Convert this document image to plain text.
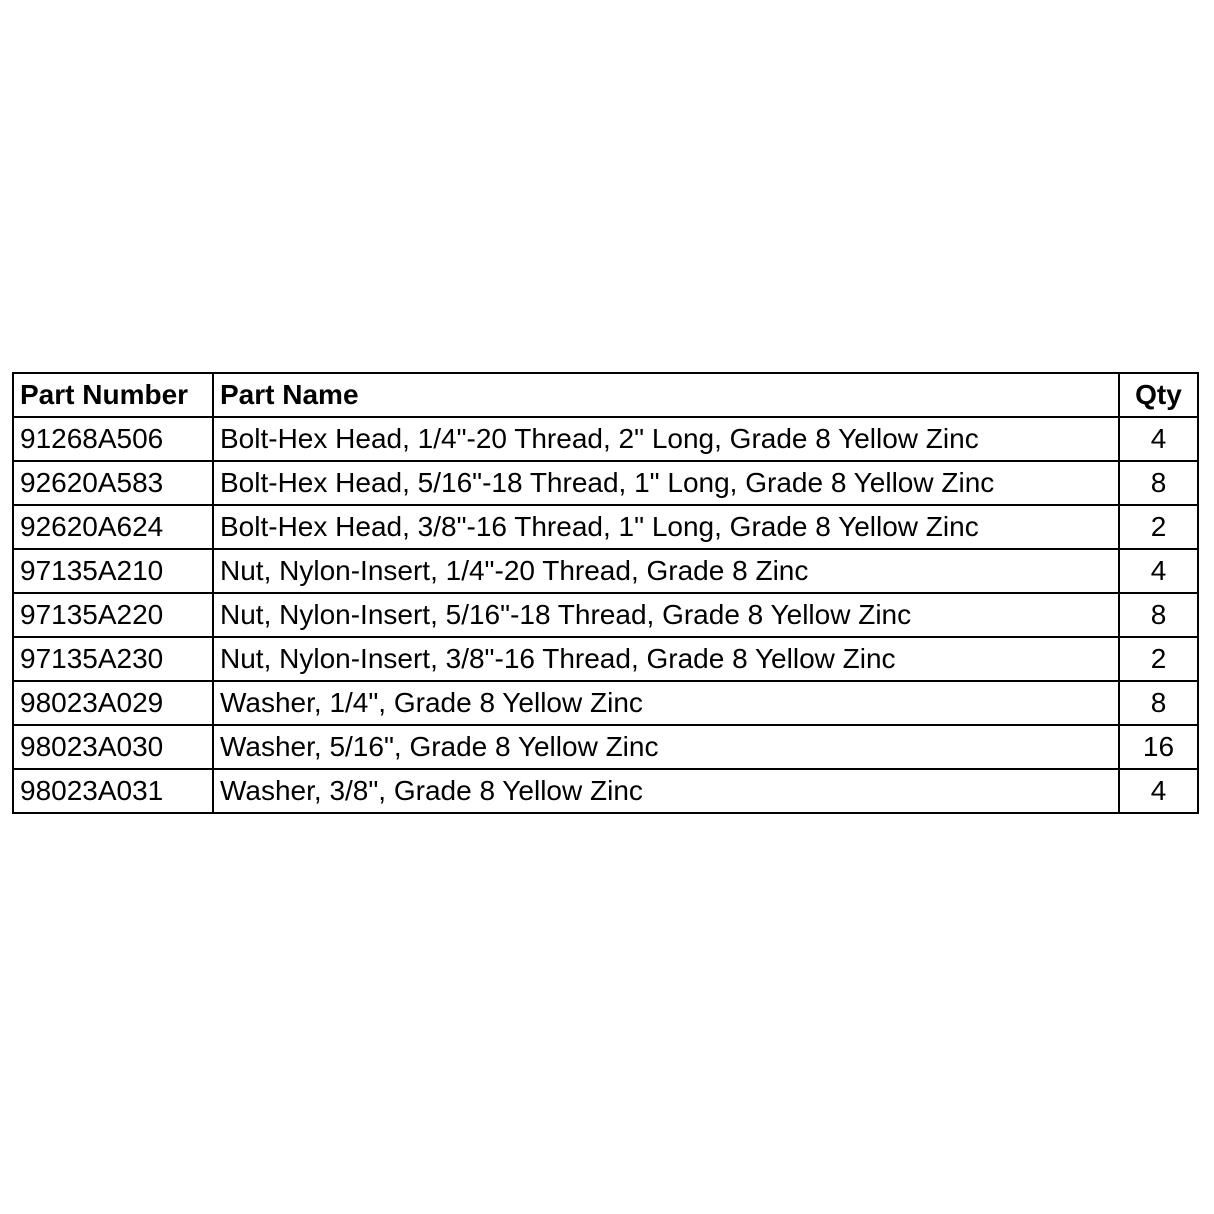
Part Number	Part Name	Qty
91268A506	Bolt-Hex Head, 1/4"-20 Thread, 2" Long, Grade 8 Yellow Zinc	4
92620A583	Bolt-Hex Head, 5/16"-18 Thread, 1" Long, Grade 8 Yellow Zinc	8
92620A624	Bolt-Hex Head, 3/8"-16 Thread, 1" Long, Grade 8 Yellow Zinc	2
97135A210	Nut, Nylon-Insert, 1/4"-20 Thread, Grade 8 Zinc	4
97135A220	Nut, Nylon-Insert, 5/16"-18 Thread, Grade 8 Yellow Zinc	8
97135A230	Nut, Nylon-Insert, 3/8"-16 Thread, Grade 8 Yellow Zinc	2
98023A029	Washer, 1/4", Grade 8 Yellow Zinc	8
98023A030	Washer, 5/16", Grade 8 Yellow Zinc	16
98023A031	Washer, 3/8", Grade 8 Yellow Zinc	4
